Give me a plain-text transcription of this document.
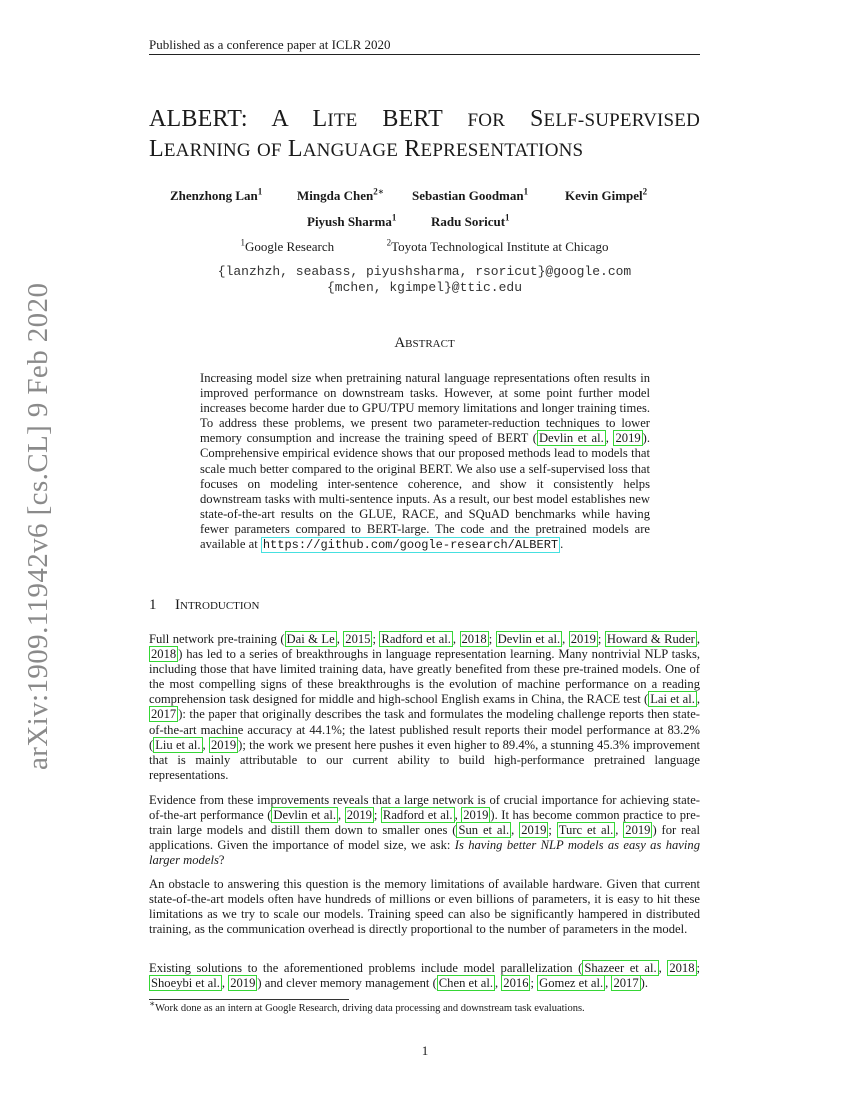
Published as a conference paper at ICLR 2020
arXiv:1909.11942v6 [cs.CL] 9 Feb 2020
ALBERT: A LITE BERT FOR SELF-SUPERVISED
LEARNING OF LANGUAGE REPRESENTATIONS
Zhenzhong Lan$^1$	Mingda Chen$^{2∗}$ Sebastian Goodman$^1$	Kevin Gimpel$^2$
Piyush Sharma$^1$	Radu Soricut$^1$
$^1$Google Research	$^2$Toyota Technological Institute at Chicago
{lanzhzh, seabass, piyushsharma, rsoricut}@google.com
{mchen, kgimpel}@ttic.edu
Abstract
Increasing model size when pretraining natural language representations often results in improved performance on downstream tasks. However, at some point further model increases become harder due to GPU/TPU memory limitations and longer training times. To address these problems, we present two parameter-reduction techniques to lower memory consumption and increase the training speed of BERT ( Devlin et al. , 2019 ). Comprehensive empirical evidence shows that our proposed methods lead to models that scale much better compared to the original BERT. We also use a self-supervised loss that focuses on modeling inter-sentence coherence, and show it consistently helps downstream tasks with multi-sentence inputs. As a result, our best model establishes new state-of-the-art results on the GLUE, RACE, and SQuAD benchmarks while having fewer parameters compared to BERT-large. The code and the pretrained models are available at https://github.com/google-research/ALBERT .
1 Introduction
Full network pre-training ( Dai & Le , 2015 ; Radford et al. , 2018 ; Devlin et al. , 2019 ; Howard & Ruder , 2018 ) has led to a series of breakthroughs in language representation learning. Many nontrivial NLP tasks, including those that have limited training data, have greatly benefited from these pre-trained models. One of the most compelling signs of these breakthroughs is the evolution of machine performance on a reading comprehension task designed for middle and high-school English exams in China, the RACE test ( Lai et al. , 2017 ): the paper that originally describes the task and formulates the modeling challenge reports then state-of-the-art machine accuracy at 44.1%; the latest published result reports their model performance at 83.2% ( Liu et al. , 2019 ); the work we present here pushes it even higher to 89.4%, a stunning 45.3% improvement that is mainly attributable to our current ability to build high-performance pretrained language representations.
Evidence from these improvements reveals that a large network is of crucial importance for achieving state-of-the-art performance ( Devlin et al. , 2019 ; Radford et al. , 2019 ). It has become common practice to pre-train large models and distill them down to smaller ones ( Sun et al. , 2019 ; Turc et al. , 2019 ) for real applications. Given the importance of model size, we ask: Is having better NLP models as easy as having larger models?
An obstacle to answering this question is the memory limitations of available hardware. Given that current state-of-the-art models often have hundreds of millions or even billions of parameters, it is easy to hit these limitations as we try to scale our models. Training speed can also be significantly hampered in distributed training, as the communication overhead is directly proportional to the number of parameters in the model.
Existing solutions to the aforementioned problems include model parallelization ( Shazeer et al. , 2018 ; Shoeybi et al. , 2019 ) and clever memory management ( Chen et al. , 2016 ; Gomez et al. , 2017 ).
∗Work done as an intern at Google Research, driving data processing and downstream task evaluations.
1
